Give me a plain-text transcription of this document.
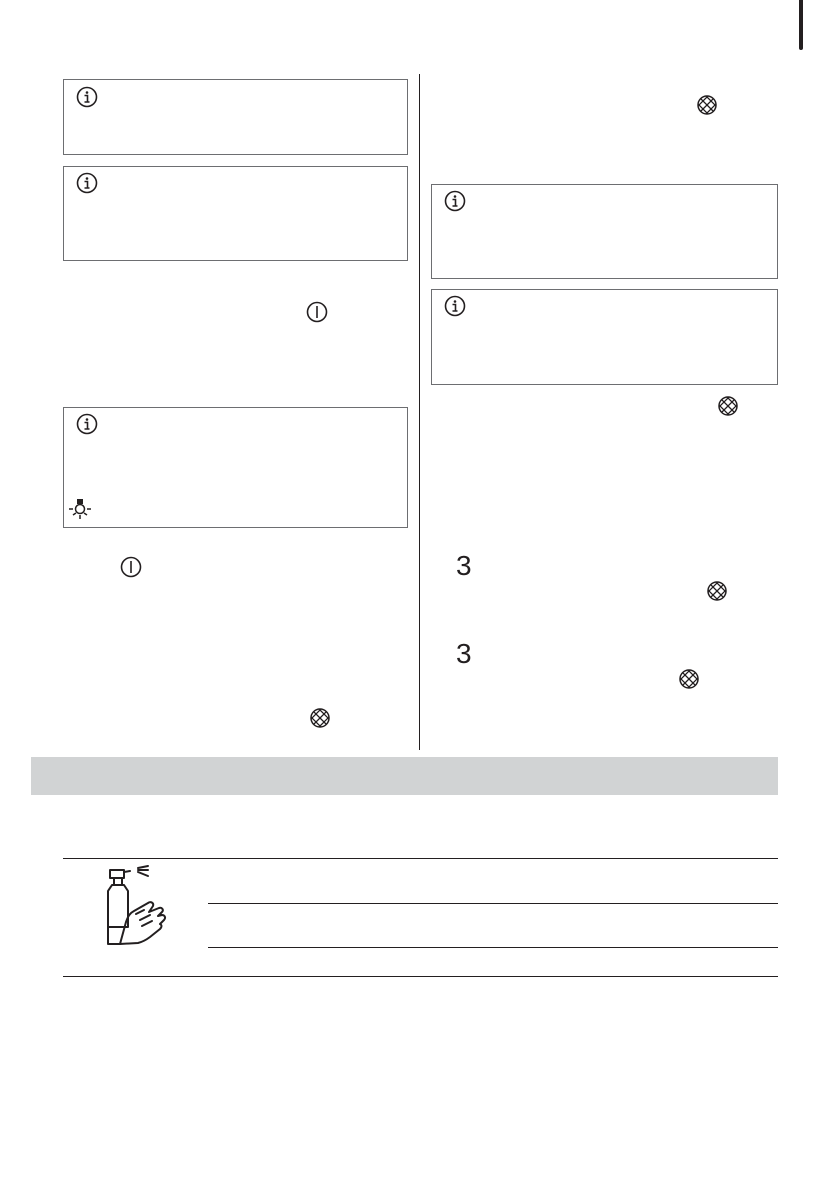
3
3
